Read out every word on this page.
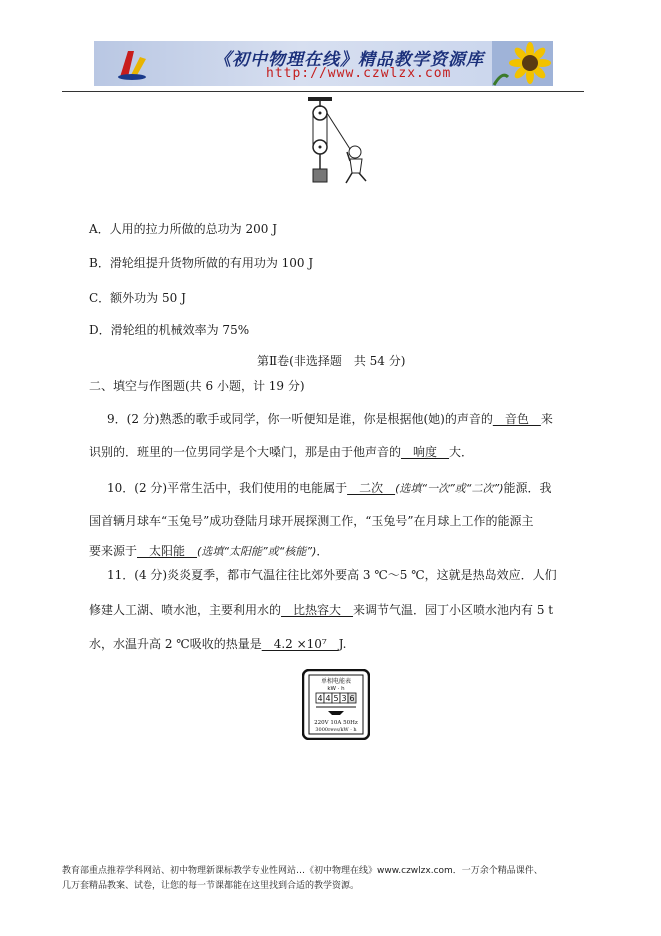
《初中物理在线》精品教学资源库
http://www.czwlzx.com
A．人用的拉力所做的总功为 200 J
B．滑轮组提升货物所做的有用功为 100 J
C．额外功为 50 J
D．滑轮组的机械效率为 75%
第Ⅱ卷(非选择题　共 54 分)
二、填空与作图题(共 6 小题，计 19 分)
9．(2 分)熟悉的歌手或同学，你一听便知是谁，你是根据他(她)的声音的　音色　来
识别的．班里的一位男同学是个大嗓门，那是由于他声音的　响度　大．
10．(2 分)平常生活中，我们使用的电能属于　二次　(选填“一次”或“二次”)能源．我
国首辆月球车“玉兔号”成功登陆月球开展探测工作，“玉兔号”在月球上工作的能源主
要来源于　太阳能　(选填“太阳能”或“核能”)．
11．(4 分)炎炎夏季，都市气温往往比郊外要高 3 ℃～5 ℃，这就是热岛效应．人们
修建人工湖、喷水池，主要利用水的　比热容大　来调节气温．园丁小区喷水池内有 5 t
水，水温升高 2 ℃吸收的热量是　4.2 ×10⁷　J.
单相电能表
kW · h
4 4 5 3 6
220V 10A 50Hz
3000revs/kW · h
教育部重点推荐学科网站、初中物理新课标教学专业性网站…《初中物理在线》www.czwlzx.com．一万余个精品课件、
几万套精品教案、试卷，让您的每一节课都能在这里找到合适的教学资源。
